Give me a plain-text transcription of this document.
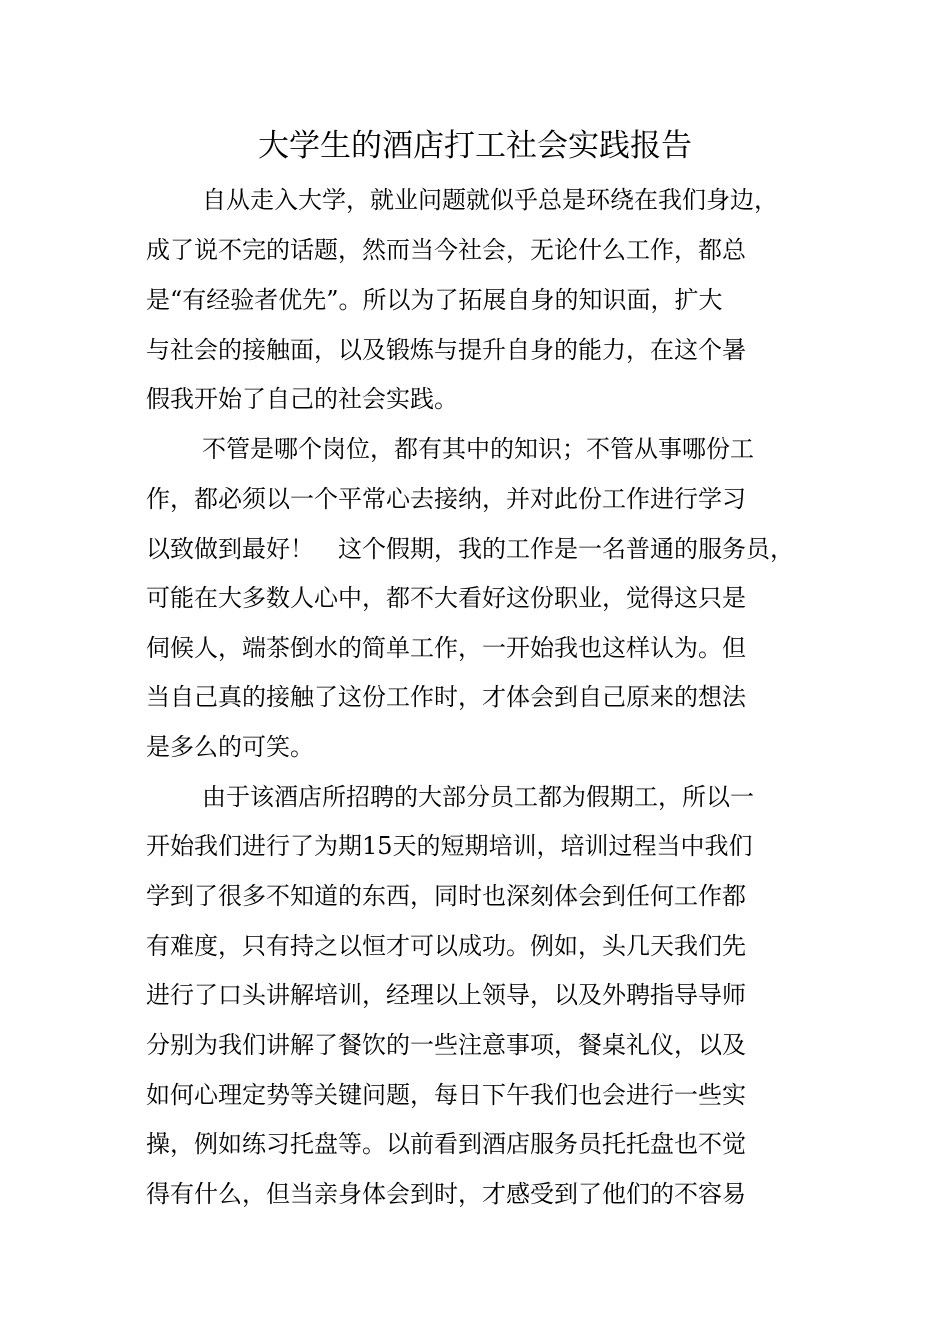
大学生的酒店打工社会实践报告
自从走入大学，就业问题就似乎总是环绕在我们身边，
成了说不完的话题，然而当今社会，无论什么工作，都总
是“有经验者优先”。所以为了拓展自身的知识面，扩大
与社会的接触面，以及锻炼与提升自身的能力，在这个暑
假我开始了自己的社会实践。
不管是哪个岗位，都有其中的知识；不管从事哪份工
作，都必须以一个平常心去接纳，并对此份工作进行学习
以致做到最好！　这个假期，我的工作是一名普通的服务员，
可能在大多数人心中，都不大看好这份职业，觉得这只是
伺候人，端茶倒水的简单工作，一开始我也这样认为。但
当自己真的接触了这份工作时，才体会到自己原来的想法
是多么的可笑。
由于该酒店所招聘的大部分员工都为假期工，所以一
开始我们进行了为期15天的短期培训，培训过程当中我们
学到了很多不知道的东西，同时也深刻体会到任何工作都
有难度，只有持之以恒才可以成功。例如，头几天我们先
进行了口头讲解培训，经理以上领导，以及外聘指导导师
分别为我们讲解了餐饮的一些注意事项，餐桌礼仪，以及
如何心理定势等关键问题，每日下午我们也会进行一些实
操，例如练习托盘等。以前看到酒店服务员托托盘也不觉
得有什么，但当亲身体会到时，才感受到了他们的不容易
